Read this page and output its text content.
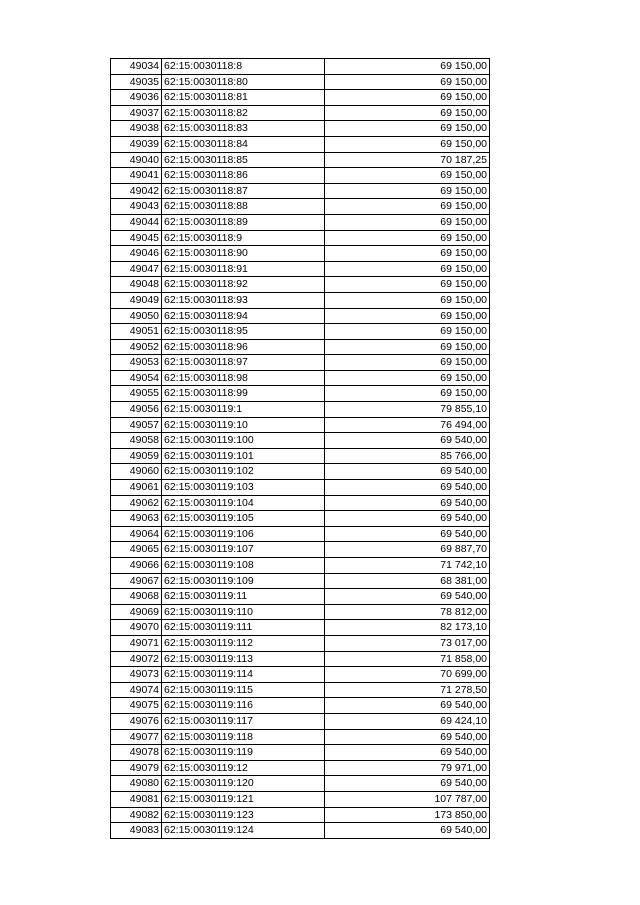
49034	62:15:0030118:8	69 150,00
49035	62:15:0030118:80	69 150,00
49036	62:15:0030118:81	69 150,00
49037	62:15:0030118:82	69 150,00
49038	62:15:0030118:83	69 150,00
49039	62:15:0030118:84	69 150,00
49040	62:15:0030118:85	70 187,25
49041	62:15:0030118:86	69 150,00
49042	62:15:0030118:87	69 150,00
49043	62:15:0030118:88	69 150,00
49044	62:15:0030118:89	69 150,00
49045	62:15:0030118:9	69 150,00
49046	62:15:0030118:90	69 150,00
49047	62:15:0030118:91	69 150,00
49048	62:15:0030118:92	69 150,00
49049	62:15:0030118:93	69 150,00
49050	62:15:0030118:94	69 150,00
49051	62:15:0030118:95	69 150,00
49052	62:15:0030118:96	69 150,00
49053	62:15:0030118:97	69 150,00
49054	62:15:0030118:98	69 150,00
49055	62:15:0030118:99	69 150,00
49056	62:15:0030119:1	79 855,10
49057	62:15:0030119:10	76 494,00
49058	62:15:0030119:100	69 540,00
49059	62:15:0030119:101	85 766,00
49060	62:15:0030119:102	69 540,00
49061	62:15:0030119:103	69 540,00
49062	62:15:0030119:104	69 540,00
49063	62:15:0030119:105	69 540,00
49064	62:15:0030119:106	69 540,00
49065	62:15:0030119:107	69 887,70
49066	62:15:0030119:108	71 742,10
49067	62:15:0030119:109	68 381,00
49068	62:15:0030119:11	69 540,00
49069	62:15:0030119:110	78 812,00
49070	62:15:0030119:111	82 173,10
49071	62:15:0030119:112	73 017,00
49072	62:15:0030119:113	71 858,00
49073	62:15:0030119:114	70 699,00
49074	62:15:0030119:115	71 278,50
49075	62:15:0030119:116	69 540,00
49076	62:15:0030119:117	69 424,10
49077	62:15:0030119:118	69 540,00
49078	62:15:0030119:119	69 540,00
49079	62:15:0030119:12	79 971,00
49080	62:15:0030119:120	69 540,00
49081	62:15:0030119:121	107 787,00
49082	62:15:0030119:123	173 850,00
49083	62:15:0030119:124	69 540,00
